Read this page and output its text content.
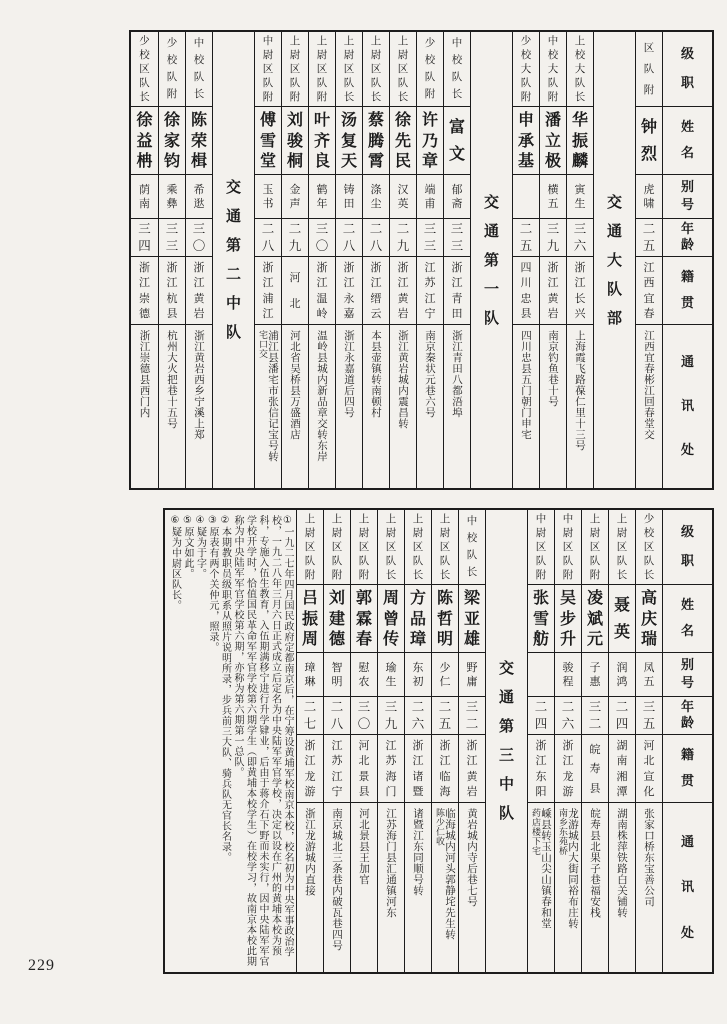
级
职
姓
名
别
号
年
龄
籍
贯
通
讯
处
区
队
附
钟
烈
虎
啸
二
五
江
西
宜
春
江西宜春彬江回春堂交
交
通
大
队
部
上
校
大
队
长
华
振
麟
寅
生
三
六
浙
江
长
兴
上海霞飞路葆仁里十三号
中
校
大
队
附
潘
立
极
横
五
三
九
浙
江
黄
岩
南京钓鱼巷十号
少
校
大
队
附
申
承
基
二
五
四
川
忠
县
四川忠县五门朝门申宅
交
通
第
一
队
中
校
队
长
富
文
郁
斋
三
三
浙
江
青
田
浙江青田八都浯埠
少
校
队
附
许
乃
章
端
甫
三
三
江
苏
江
宁
南京秦状元巷六号
上
尉
区
队
长
徐
先
民
汉
英
二
九
浙
江
黄
岩
浙江黄岩城内震昌转
上
尉
区
队
长
蔡
腾
霄
涤
尘
二
八
浙
江
缙
云
本县壶镇转南顿村
上
尉
区
队
长
汤
复
天
铸
田
二
八
浙
江
永
嘉
浙江永嘉道后四号
上
尉
区
队
附
叶
齐
良
鹤
年
三
〇
浙
江
温
岭
温岭县城内新品章交转东岸
上
尉
区
队
附
刘
骏
桐
金
声
二
九
河
北
河北省吴桥县万盛酒店
中
尉
区
队
附
傅
雪
堂
玉
书
二
八
浙
江
浦
江
浦江县潘宅市张信记宝号转
宅口交
交
通
第
二
中
队
中
校
队
长
陈
荣
楫
希
逖
三
〇
浙
江
黄
岩
浙江黄岩西乡宁溪上郑
少
校
队
附
徐
家
钧
乘
彝
三
三
浙
江
杭
县
杭州大火把巷十五号
少
校
区
队
长
徐
益
柟
荫
南
三
四
浙
江
崇
德
浙江崇德县西门内
级
职
姓
名
别
号
年
龄
籍
贯
通
讯
处
少
校
区
队
长
高
庆
瑞
凤
五
三
五
河
北
宣
化
张家口桥东宝善公司
上
尉
区
队
长
聂
英
润
鸿
二
四
湖
南
湘
潭
湖南株萍铁路白关铺转
上
尉
区
队
附
凌
斌
元
子
惠
三
二
皖
寿
县
皖寿县北果子巷福安栈
中
尉
区
队
附
吴
步
升
骏
程
二
六
浙
江
龙
游
龙游城内大街同裕布庄转
南乡东苑桥
中
尉
区
队
附
张
雪
舫
二
四
浙
江
东
阳
嵊县转玉山尖山镇春和堂
药店楼下宅
交
通
第
三
中
队
中
校
队
长
梁
亚
雄
野
庸
三
二
浙
江
黄
岩
黄岩城内寺后巷七号
上
尉
区
队
长
陈
哲
明
少
仁
二
五
浙
江
临
海
临海城内河头郭静垞先生转
陈少仁收
上
尉
区
队
长
方
品
璋
东
初
二
六
浙
江
诸
暨
诸暨江东同顺号转
上
尉
区
队
长
周
曾
传
瑜
生
三
九
江
苏
海
门
江苏海门县汇通镇河东
上
尉
区
队
附
郭
霖
春
慰
农
三
〇
河
北
景
县
河北景县王加官
上
尉
区
队
附
刘
建
德
智
明
二
八
江
苏
江
宁
南京城北三条巷内破瓦巷四号
上
尉
区
队
附
吕
振
周
璋
琳
二
七
浙
江
龙
游
浙江龙游城内直接
①一九二七年四月国民政府定都南京后，在宁筹设黄埔军校南京本校，校名初为中央军事政治学校，一九二八年三月六日正式成立后定名为中央陆军军官学校，决定以设在广州的黄埔本校为预科，专施入伍生教育，入伍期满移宁进行升学肄业，后由于蒋介石下野而未实行，因中央陆军军官学校开学时，恰值国民革命军军官学校第六期学生（即黄埔本校学生）在校学习，故南京本校此期称为中央陆军军官学校第六期，亦称为第六期第一总队。
②本期教职员级职系从照片说明所录，步兵前三大队、骑兵队无官长名录。
③原表有两个关仲元，照录。
④疑为于字。
⑤原文如此。
⑥疑为中尉区队长。
229
